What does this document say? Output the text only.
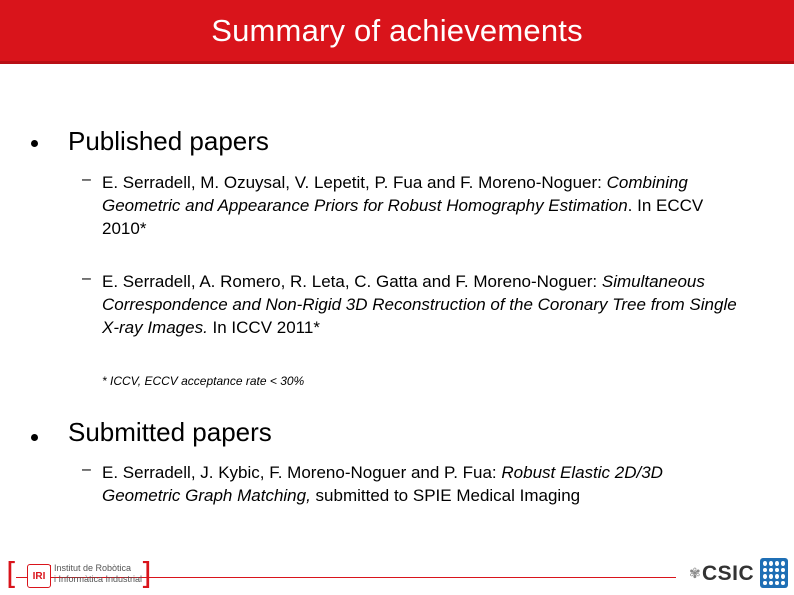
Summary of achievements
Published papers
– E. Serradell, M. Ozuysal, V. Lepetit, P. Fua and F. Moreno-Noguer: Combining Geometric and Appearance Priors for Robust Homography Estimation. In ECCV 2010*
– E. Serradell, A. Romero, R. Leta, C. Gatta and F. Moreno-Noguer: Simultaneous Correspondence and Non-Rigid 3D Reconstruction of the Coronary Tree from Single X-ray Images. In ICCV 2011*
* ICCV, ECCV acceptance rate < 30%
Submitted papers
– E. Serradell, J. Kybic, F. Moreno-Noguer and P. Fua: Robust Elastic 2D/3D Geometric Graph Matching, submitted to SPIE Medical Imaging
[	IRI
Institut de Robòtica
i Informàtica Industrial
]	✾ CSIC
